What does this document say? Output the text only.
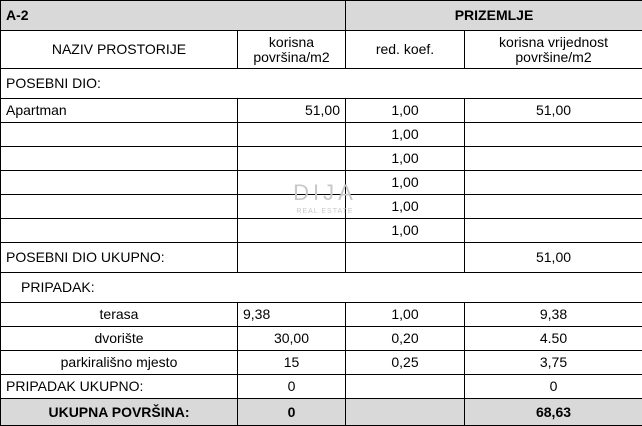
A-2		PRIZEMLJE	
NAZIV PROSTORIJE	korisna površina/m2	red. koef.	korisna vrijednost površine/m2
POSEBNI DIO:			
Apartman	51,00	1,00	51,00
		1,00	
		1,00	
		1,00	
		1,00	
		1,00	
POSEBNI DIO UKUPNO:			51,00
PRIPADAK:			
terasa	9,38	1,00	9,38
dvorište	30,00	0,20	4.50
parkirališno mjesto	15	0,25	3,75
PRIPADAK UKUPNO:	0		0
UKUPNA POVRŠINA:	0		68,63
DIJA
REAL ESTATE
